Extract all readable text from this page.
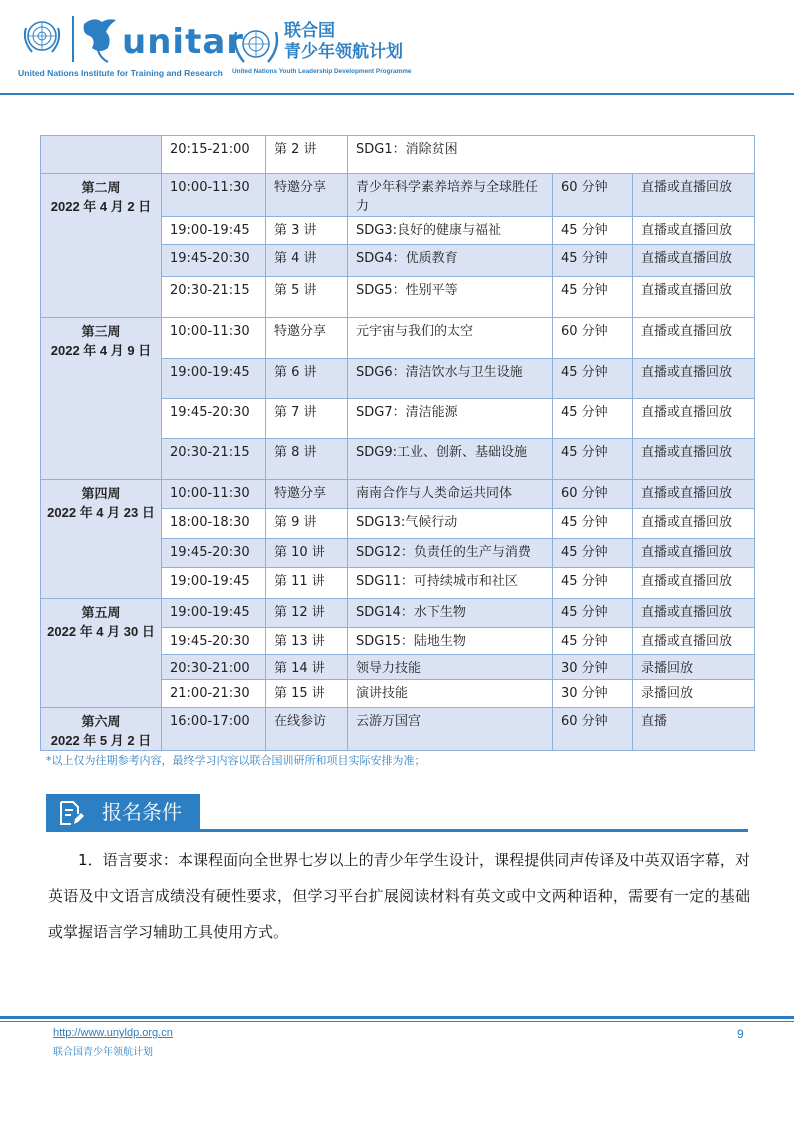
unitar
United Nations Institute for Training and Research
联合国
青少年领航计划
United Nations Youth Leadership Development Programme
	20:15-21:00	第 2 讲	SDG1：消除贫困		

第二周
2022 年 4 月 2 日	10:00-11:30	特邀分享	青少年科学素养培养与全球胜任力	60 分钟	直播或直播回放
	19:00-19:45	第 3 讲	SDG3:良好的健康与福祉	45 分钟	直播或直播回放
	19:45-20:30	第 4 讲	SDG4：优质教育	45 分钟	直播或直播回放
	20:30-21:15	第 5 讲	SDG5：性别平等	45 分钟	直播或直播回放

第三周
2022 年 4 月 9 日	10:00-11:30	特邀分享	元宇宙与我们的太空	60 分钟	直播或直播回放
	19:00-19:45	第 6 讲	SDG6：清洁饮水与卫生设施	45 分钟	直播或直播回放
	19:45-20:30	第 7 讲	SDG7：清洁能源	45 分钟	直播或直播回放
	20:30-21:15	第 8 讲	SDG9:工业、创新、基础设施	45 分钟	直播或直播回放

第四周
2022 年 4 月 23 日	10:00-11:30	特邀分享	南南合作与人类命运共同体	60 分钟	直播或直播回放
	18:00-18:30	第 9 讲	SDG13:气候行动	45 分钟	直播或直播回放
	19:45-20:30	第 10 讲	SDG12：负责任的生产与消费	45 分钟	直播或直播回放
	19:00-19:45	第 11 讲	SDG11：可持续城市和社区	45 分钟	直播或直播回放

第五周
2022 年 4 月 30 日	19:00-19:45	第 12 讲	SDG14：水下生物	45 分钟	直播或直播回放
	19:45-20:30	第 13 讲	SDG15：陆地生物	45 分钟	直播或直播回放
	20:30-21:00	第 14 讲	领导力技能	30 分钟	录播回放
	21:00-21:30	第 15 讲	演讲技能	30 分钟	录播回放

第六周
2022 年 5 月 2 日	16:00-17:00	在线参访	云游万国宫	60 分钟	直播
*以上仅为往期参考内容，最终学习内容以联合国训研所和项目实际安排为准；
报名条件
1．语言要求：本课程面向全世界七岁以上的青少年学生设计，课程提供同声传译及中英双语字幕，对英语及中文语言成绩没有硬性要求，但学习平台扩展阅读材料有英文或中文两种语种，需要有一定的基础或掌握语言学习辅助工具使用方式。
http://www.unyldp.org.cn
联合国青少年领航计划
9
